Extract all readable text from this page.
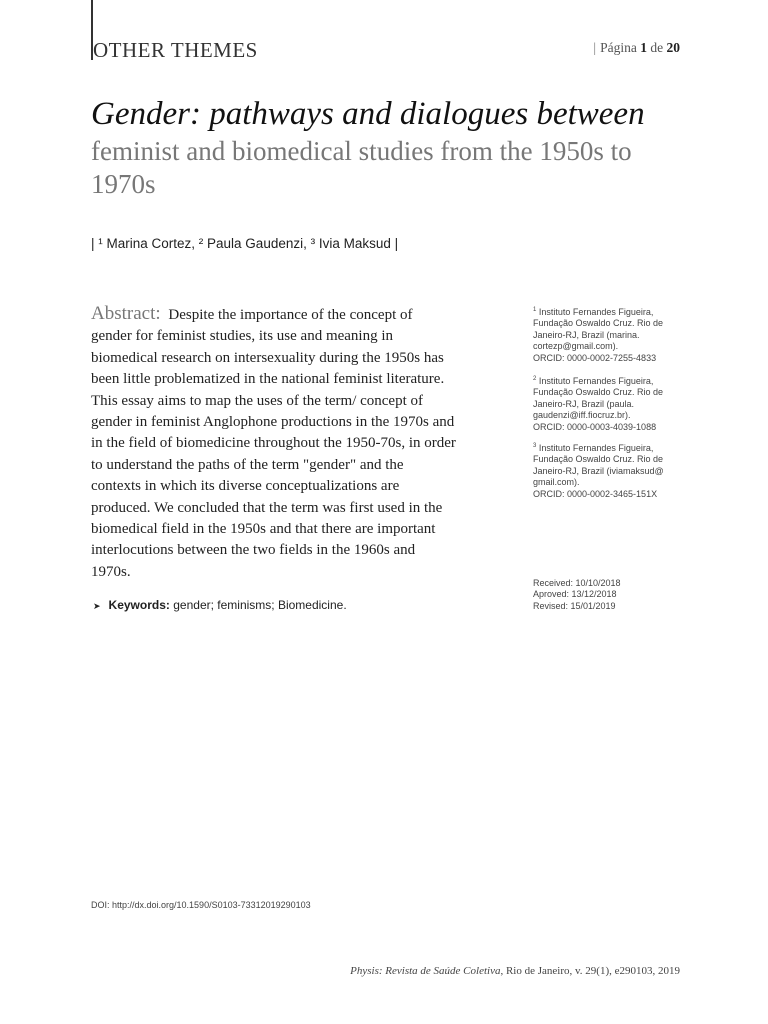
OTHER THEMES	| Página 1 de 20
Gender: pathways and dialogues between
feminist and biomedical studies from the 1950s to 1970s
| ¹ Marina Cortez, ² Paula Gaudenzi, ³ Ivia Maksud |
Abstract: Despite the importance of the concept of gender for feminist studies, its use and meaning in biomedical research on intersexuality during the 1950s has been little problematized in the national feminist literature. This essay aims to map the uses of the term/ concept of gender in feminist Anglophone productions in the 1970s and in the field of biomedicine throughout the 1950-70s, in order to understand the paths of the term "gender" and the contexts in which its diverse conceptualizations are produced. We concluded that the term was first used in the biomedical field in the 1950s and that there are important interlocutions between the two fields in the 1960s and 1970s.
➤ Keywords: gender; feminisms; Biomedicine.
$^1$ Instituto Fernandes Figueira, Fundação Oswaldo Cruz. Rio de Janeiro-RJ, Brazil (marina. cortezp@gmail.com).
ORCID: 0000-0002-7255-4833
$^2$ Instituto Fernandes Figueira, Fundação Oswaldo Cruz. Rio de Janeiro-RJ, Brazil (paula. gaudenzi@iff.fiocruz.br).
ORCID: 0000-0003-4039-1088
$^3$ Instituto Fernandes Figueira, Fundação Oswaldo Cruz. Rio de Janeiro-RJ, Brazil (iviamaksud@ gmail.com).
ORCID: 0000-0002-3465-151X
Received: 10/10/2018
Aproved: 13/12/2018
Revised: 15/01/2019
DOI: http://dx.doi.org/10.1590/S0103-73312019290103
Physis: Revista de Saúde Coletiva, Rio de Janeiro, v. 29(1), e290103, 2019
